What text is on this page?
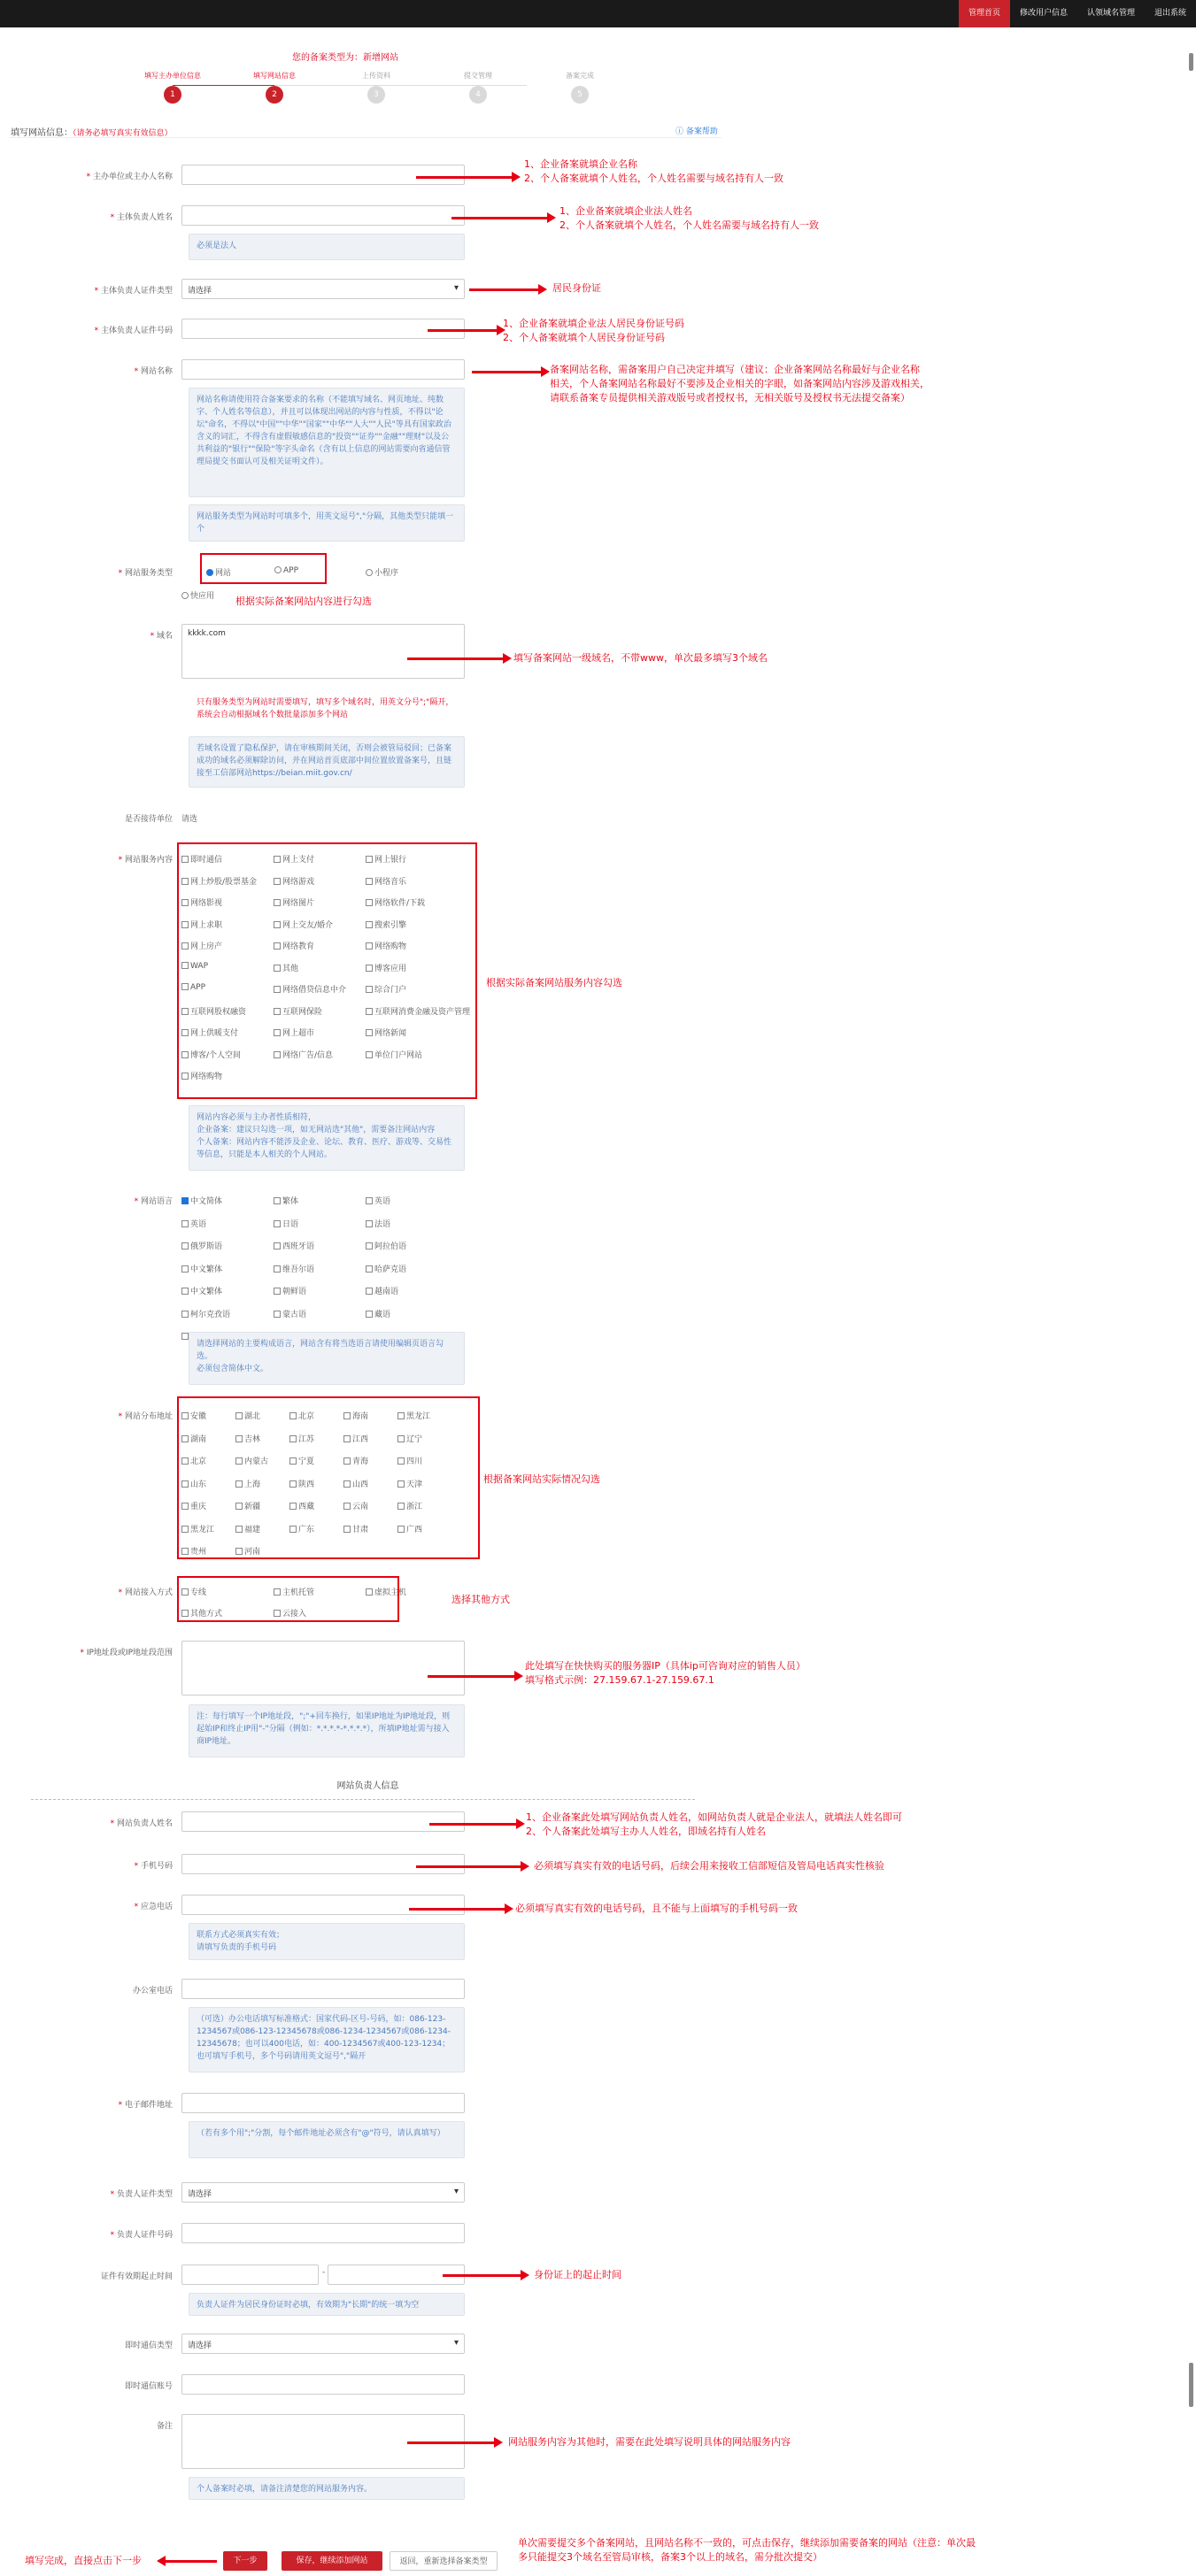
管理首页	修改用户信息	认领域名管理	退出系统
您的备案类型为：新增网站
填写主办单位信息
1
填写网站信息
2
上传资料
3
提交管理
4
备案完成
5
填写网站信息：（请务必填写真实有效信息）	ⓘ 备案帮助
* 主办单位或主办人名称
* 主体负责人姓名
必须是法人
* 主体负责人证件类型	请选择 ▾
* 主体负责人证件号码
* 网站名称
网站名称请使用符合备案要求的名称（不能填写域名、网页地址、纯数字、个人姓名等信息），并且可以体现出网站的内容与性质，不得以"论坛"命名，不得以"中国""中华""国家""中华""人大""人民"等具有国家政治含义的词汇，不得含有虚假敏感信息的"投资""证券""金融""理财"以及公共利益的"银行""保险"等字头命名（含有以上信息的网站需要向省通信管理局提交书面认可及相关证明文件）。
网站服务类型为网站时可填多个，用英文逗号","分隔，其他类型只能填一个
* 网站服务类型	网站	APP	小程序
快应用
* 域名	kkkk.com
只有服务类型为网站时需要填写，填写多个域名时，用英文分号";"隔开，系统会自动根据域名个数批量添加多个网站
若域名设置了隐私保护，请在审核期间关闭，否则会被管局驳回；已备案成功的域名必须解除访问，并在网站首页底部中间位置放置备案号，且链接至工信部网站https://beian.miit.gov.cn/
是否接待单位 请选
* 网站服务内容	即时通信	网上支付	网上银行
网上炒股/股票基金	网络游戏	网络音乐
网络影视	网络图片	网络软件/下载
网上求职	网上交友/婚介	搜索引擎
网上房产	网络教育	网络购物
WAP	其他	博客应用
APP	网络借贷信息中介	综合门户
互联网股权融资	互联网保险	互联网消费金融及资产管理
网上供暖支付	网上超市	网络新闻
博客/个人空间	网络广告/信息	单位门户网站
网络购物
网站内容必须与主办者性质相符，
企业备案：建议只勾选一项，如无网站选"其他"，需要备注网站内容
个人备案：网站内容不能涉及企业、论坛、教育、医疗、游戏等、交易性等信息，只能是本人相关的个人网站。
* 网站语言	中文简体	繁体	英语
英语	日语	法语
俄罗斯语	西班牙语	阿拉伯语
中文繁体	维吾尔语	哈萨克语
中文繁体	朝鲜语	越南语
柯尔克孜语	蒙古语	藏语
请选择网站的主要构成语言，网站含有将当选语言请使用编辑页语言勾选。
必须包含简体中文。
* 网站分布地址	安徽	湖北	北京	海南	黑龙江
湖南	吉林	江苏	江西	辽宁
北京	内蒙古	宁夏	青海	四川
山东	上海	陕西	山西	天津
重庆	新疆	西藏	云南	浙江
黑龙江	福建	广东	甘肃	广西
贵州	河南
* 网站接入方式	专线	主机托管	虚拟主机
其他方式	云接入
* IP地址段或IP地址段范围
注：每行填写一个IP地址段，";"+回车换行，如果IP地址为IP地址段，则起始IP和终止IP用"-"分隔（例如：*.*.*.*-*.*.*.*），所填IP地址需与接入商IP地址。
网站负责人信息
* 网站负责人姓名
* 手机号码
* 应急电话
联系方式必须真实有效；
请填写负责的手机号码
办公室电话
（可选）办公电话填写标准格式：国家代码-区号-号码，如：086-123-1234567或086-123-12345678或086-1234-1234567或086-1234-12345678；也可以400电话，如：400-1234567或400-123-1234；也可填写手机号，多个号码请用英文逗号","隔开
* 电子邮件地址
（若有多个用";"分割，每个邮件地址必须含有"@"符号，请认真填写）
* 负责人证件类型	请选择 ▾
* 负责人证件号码
证件有效期起止时间	-
负责人证件为居民身份证时必填，有效期为"长期"的统一填为空
即时通信类型	请选择 ▾
即时通信账号
备注
个人备案时必填，请备注清楚您的网站服务内容。
下一步	保存，继续添加网站	返回，重新选择备案类型
1、企业备案就填企业名称
2、个人备案就填个人姓名，个人姓名需要与域名持有人一致
1、企业备案就填企业法人姓名
2、个人备案就填个人姓名，个人姓名需要与域名持有人一致
居民身份证
1、企业备案就填企业法人居民身份证号码
2、个人备案就填个人居民身份证号码
备案网站名称，需备案用户自己决定并填写（建议：企业备案网站名称最好与企业名称
相关，个人备案网站名称最好不要涉及企业相关的字眼，如备案网站内容涉及游戏相关，
请联系备案专员提供相关游戏版号或者授权书，无相关版号及授权书无法提交备案）
根据实际备案网站内容进行勾选
填写备案网站一级域名，不带www，单次最多填写3个域名
根据实际备案网站服务内容勾选
根据备案网站实际情况勾选
选择其他方式
此处填写在快快购买的服务器IP（具体ip可咨询对应的销售人员）
填写格式示例：27.159.67.1-27.159.67.1
1、企业备案此处填写网站负责人姓名，如网站负责人就是企业法人，就填法人姓名即可
2、个人备案此处填写主办人人姓名，即域名持有人姓名
必须填写真实有效的电话号码，后续会用来接收工信部短信及管局电话真实性核验
必须填写真实有效的电话号码，且不能与上面填写的手机号码一致
身份证上的起止时间
网站服务内容为其他时，需要在此处填写说明具体的网站服务内容
填写完成，直接点击下一步
单次需要提交多个备案网站，且网站名称不一致的，可点击保存，继续添加需要备案的网站（注意：单次最
多只能提交3个域名至管局审核，备案3个以上的域名，需分批次提交）
